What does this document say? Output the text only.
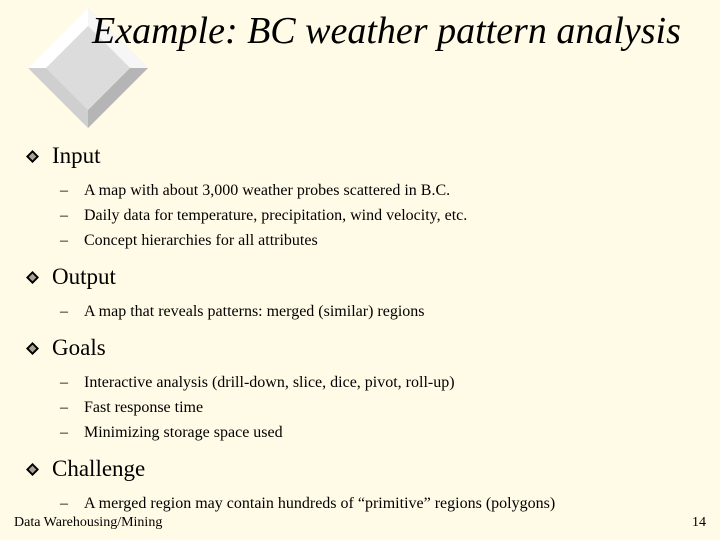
Example: BC weather pattern analysis
Input
–	A map with about 3,000 weather probes scattered in B.C.
–	Daily data for temperature, precipitation, wind velocity, etc.
–	Concept hierarchies for all attributes
Output
–	A map that reveals patterns: merged (similar) regions
Goals
–	Interactive analysis (drill-down, slice, dice, pivot, roll-up)
–	Fast response time
–	Minimizing storage space used
Challenge
–	A merged region may contain hundreds of “primitive” regions (polygons)
Data Warehousing/Mining	14
